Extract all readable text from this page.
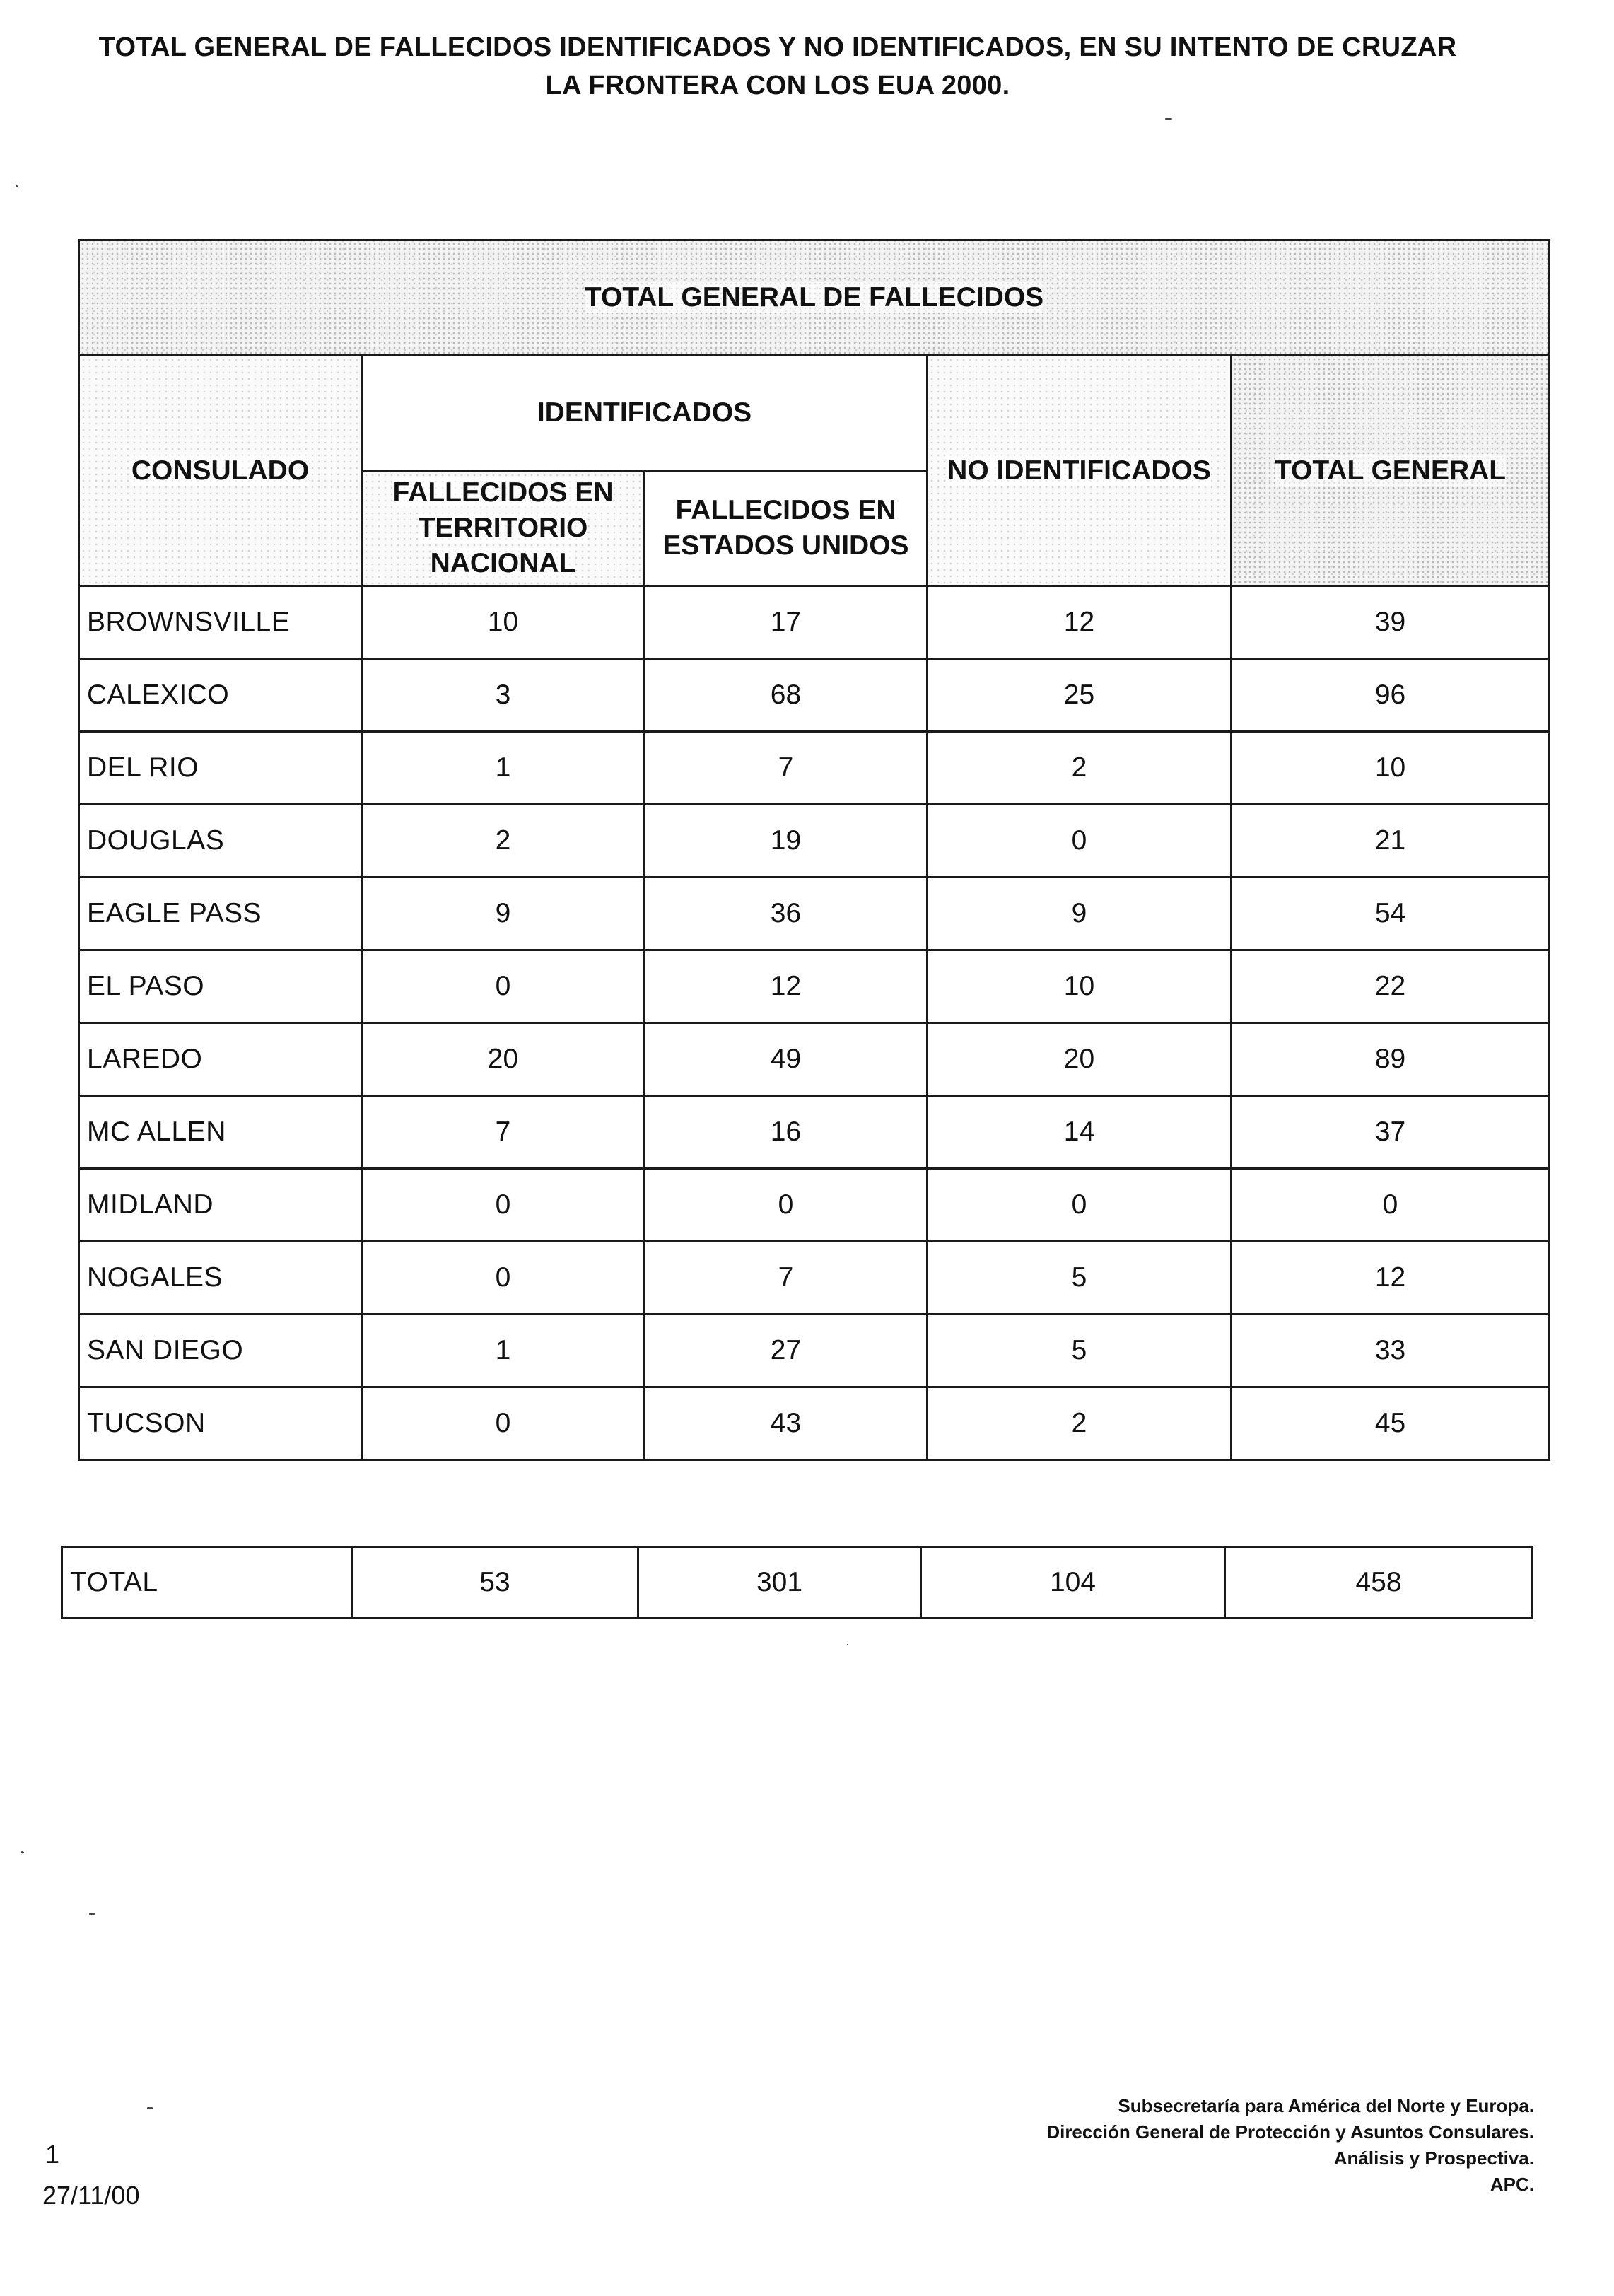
TOTAL GENERAL DE FALLECIDOS IDENTIFICADOS Y NO IDENTIFICADOS, EN SU INTENTO DE CRUZAR
LA FRONTERA CON LOS EUA 2000.
TOTAL GENERAL DE FALLECIDOS				
CONSULADO	IDENTIFICADOS		NO IDENTIFICADOS	TOTAL GENERAL
	FALLECIDOS EN
TERRITORIO
NACIONAL	FALLECIDOS EN
ESTADOS UNIDOS		
BROWNSVILLE	10	17	12	39
CALEXICO	3	68	25	96
DEL RIO	1	7	2	10
DOUGLAS	2	19	0	21
EAGLE PASS	9	36	9	54
EL PASO	0	12	10	22
LAREDO	20	49	20	89
MC ALLEN	7	16	14	37
MIDLAND	0	0	0	0
NOGALES	0	7	5	12
SAN DIEGO	1	27	5	33
TUCSON	0	43	2	45
TOTAL	53	301	104	458
Subsecretaría para América del Norte y Europa.
Dirección General de Protección y Asuntos Consulares.
Análisis y Prospectiva.
APC.
1
27/11/00
